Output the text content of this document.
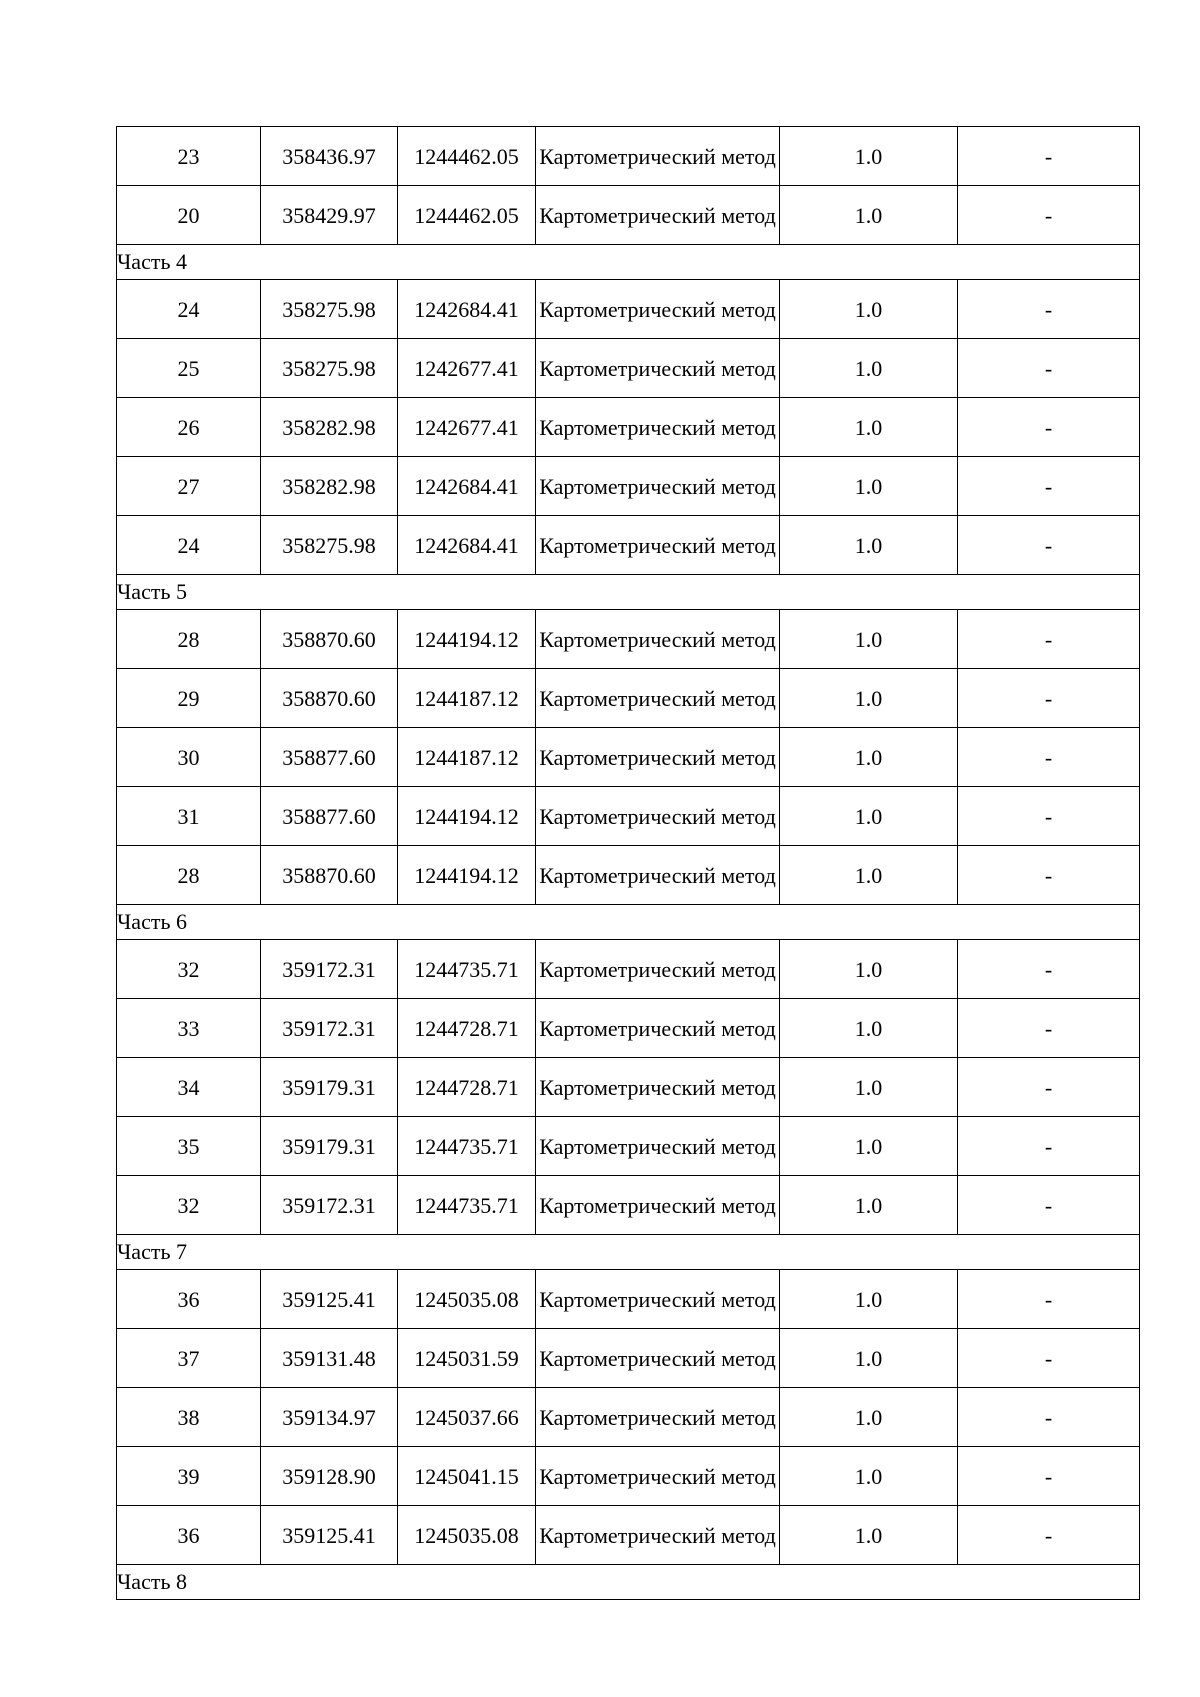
23	358436.97	1244462.05	Картометрический метод	1.0	-
20	358429.97	1244462.05	Картометрический метод	1.0	-
Часть 4					
24	358275.98	1242684.41	Картометрический метод	1.0	-
25	358275.98	1242677.41	Картометрический метод	1.0	-
26	358282.98	1242677.41	Картометрический метод	1.0	-
27	358282.98	1242684.41	Картометрический метод	1.0	-
24	358275.98	1242684.41	Картометрический метод	1.0	-
Часть 5					
28	358870.60	1244194.12	Картометрический метод	1.0	-
29	358870.60	1244187.12	Картометрический метод	1.0	-
30	358877.60	1244187.12	Картометрический метод	1.0	-
31	358877.60	1244194.12	Картометрический метод	1.0	-
28	358870.60	1244194.12	Картометрический метод	1.0	-
Часть 6					
32	359172.31	1244735.71	Картометрический метод	1.0	-
33	359172.31	1244728.71	Картометрический метод	1.0	-
34	359179.31	1244728.71	Картометрический метод	1.0	-
35	359179.31	1244735.71	Картометрический метод	1.0	-
32	359172.31	1244735.71	Картометрический метод	1.0	-
Часть 7					
36	359125.41	1245035.08	Картометрический метод	1.0	-
37	359131.48	1245031.59	Картометрический метод	1.0	-
38	359134.97	1245037.66	Картометрический метод	1.0	-
39	359128.90	1245041.15	Картометрический метод	1.0	-
36	359125.41	1245035.08	Картометрический метод	1.0	-
Часть 8					
